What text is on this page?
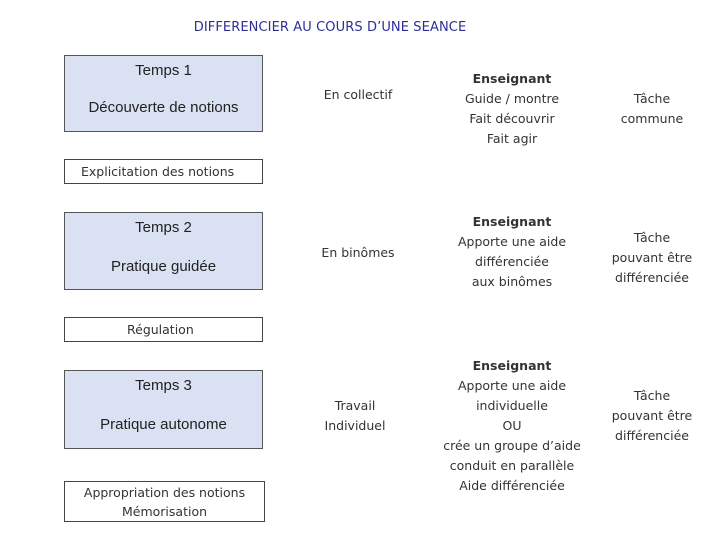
DIFFERENCIER AU COURS D’UNE SEANCE
Temps 1
Découverte de notions
En collectif
Enseignant
Guide / montre
Fait découvrir
Fait agir
Tâche
commune
Explicitation des notions
Temps 2
Pratique guidée
En binômes
Enseignant
Apporte une aide
différenciée
aux binômes
Tâche
pouvant être
différenciée
Régulation
Temps 3
Pratique autonome
Travail
Individuel
Enseignant
Apporte une aide
individuelle
OU
crée un groupe d’aide
conduit en parallèle
Aide différenciée
Tâche
pouvant être
différenciée
Appropriation des notions
Mémorisation
